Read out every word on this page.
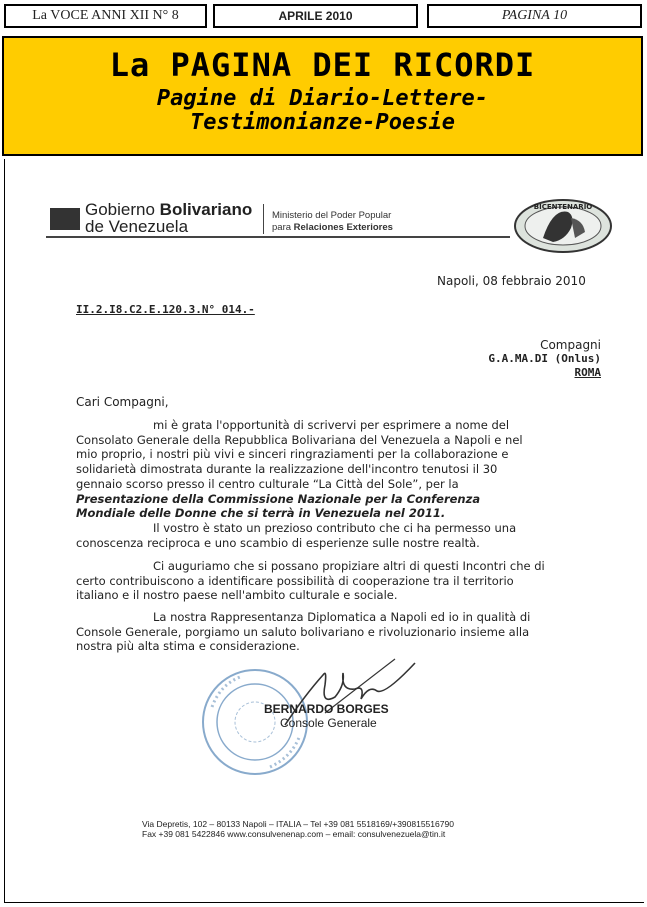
La VOCE ANNI XII N° 8	APRILE 2010	PAGINA 10
La PAGINA DEI RICORDI
Pagine di Diario-Lettere-
Testimonianze-Poesie
Gobierno Bolivariano
de Venezuela
Ministerio del Poder Popular
para Relaciones Exteriores
BICENTENARIO
Napoli, 08 febbraio 2010
II.2.I8.C2.E.120.3.N° 014.-
Compagni
G.A.MA.DI (Onlus)
ROMA
Cari Compagni,
mi è grata l'opportunità di scrivervi per esprimere a nome del
Consolato Generale della Repubblica Bolivariana del Venezuela a Napoli e nel
mio proprio, i nostri più vivi e sinceri ringraziamenti per la collaborazione e
solidarietà dimostrata durante la realizzazione dell'incontro tenutosi il 30
gennaio scorso presso il centro culturale “La Città del Sole”, per la
Presentazione della Commissione Nazionale per la Conferenza
Mondiale delle Donne che si terrà in Venezuela nel 2011.
Il vostro è stato un prezioso contributo che ci ha permesso una
conoscenza reciproca e uno scambio di esperienze sulle nostre realtà.
Ci auguriamo che si possano propiziare altri di questi Incontri che di
certo contribuiscono a identificare possibilità di cooperazione tra il territorio
italiano e il nostro paese nell'ambito culturale e sociale.
La nostra Rappresentanza Diplomatica a Napoli ed io in qualità di
Console Generale, porgiamo un saluto bolivariano e rivoluzionario insieme alla
nostra più alta stima e considerazione.
BERNARDO BORGES
Console Generale
Via Depretis, 102 – 80133 Napoli – ITALIA – Tel +39 081 5518169/+390815516790
Fax +39 081 5422846 www.consulvenenap.com – email: consulvenezuela@tin.it
